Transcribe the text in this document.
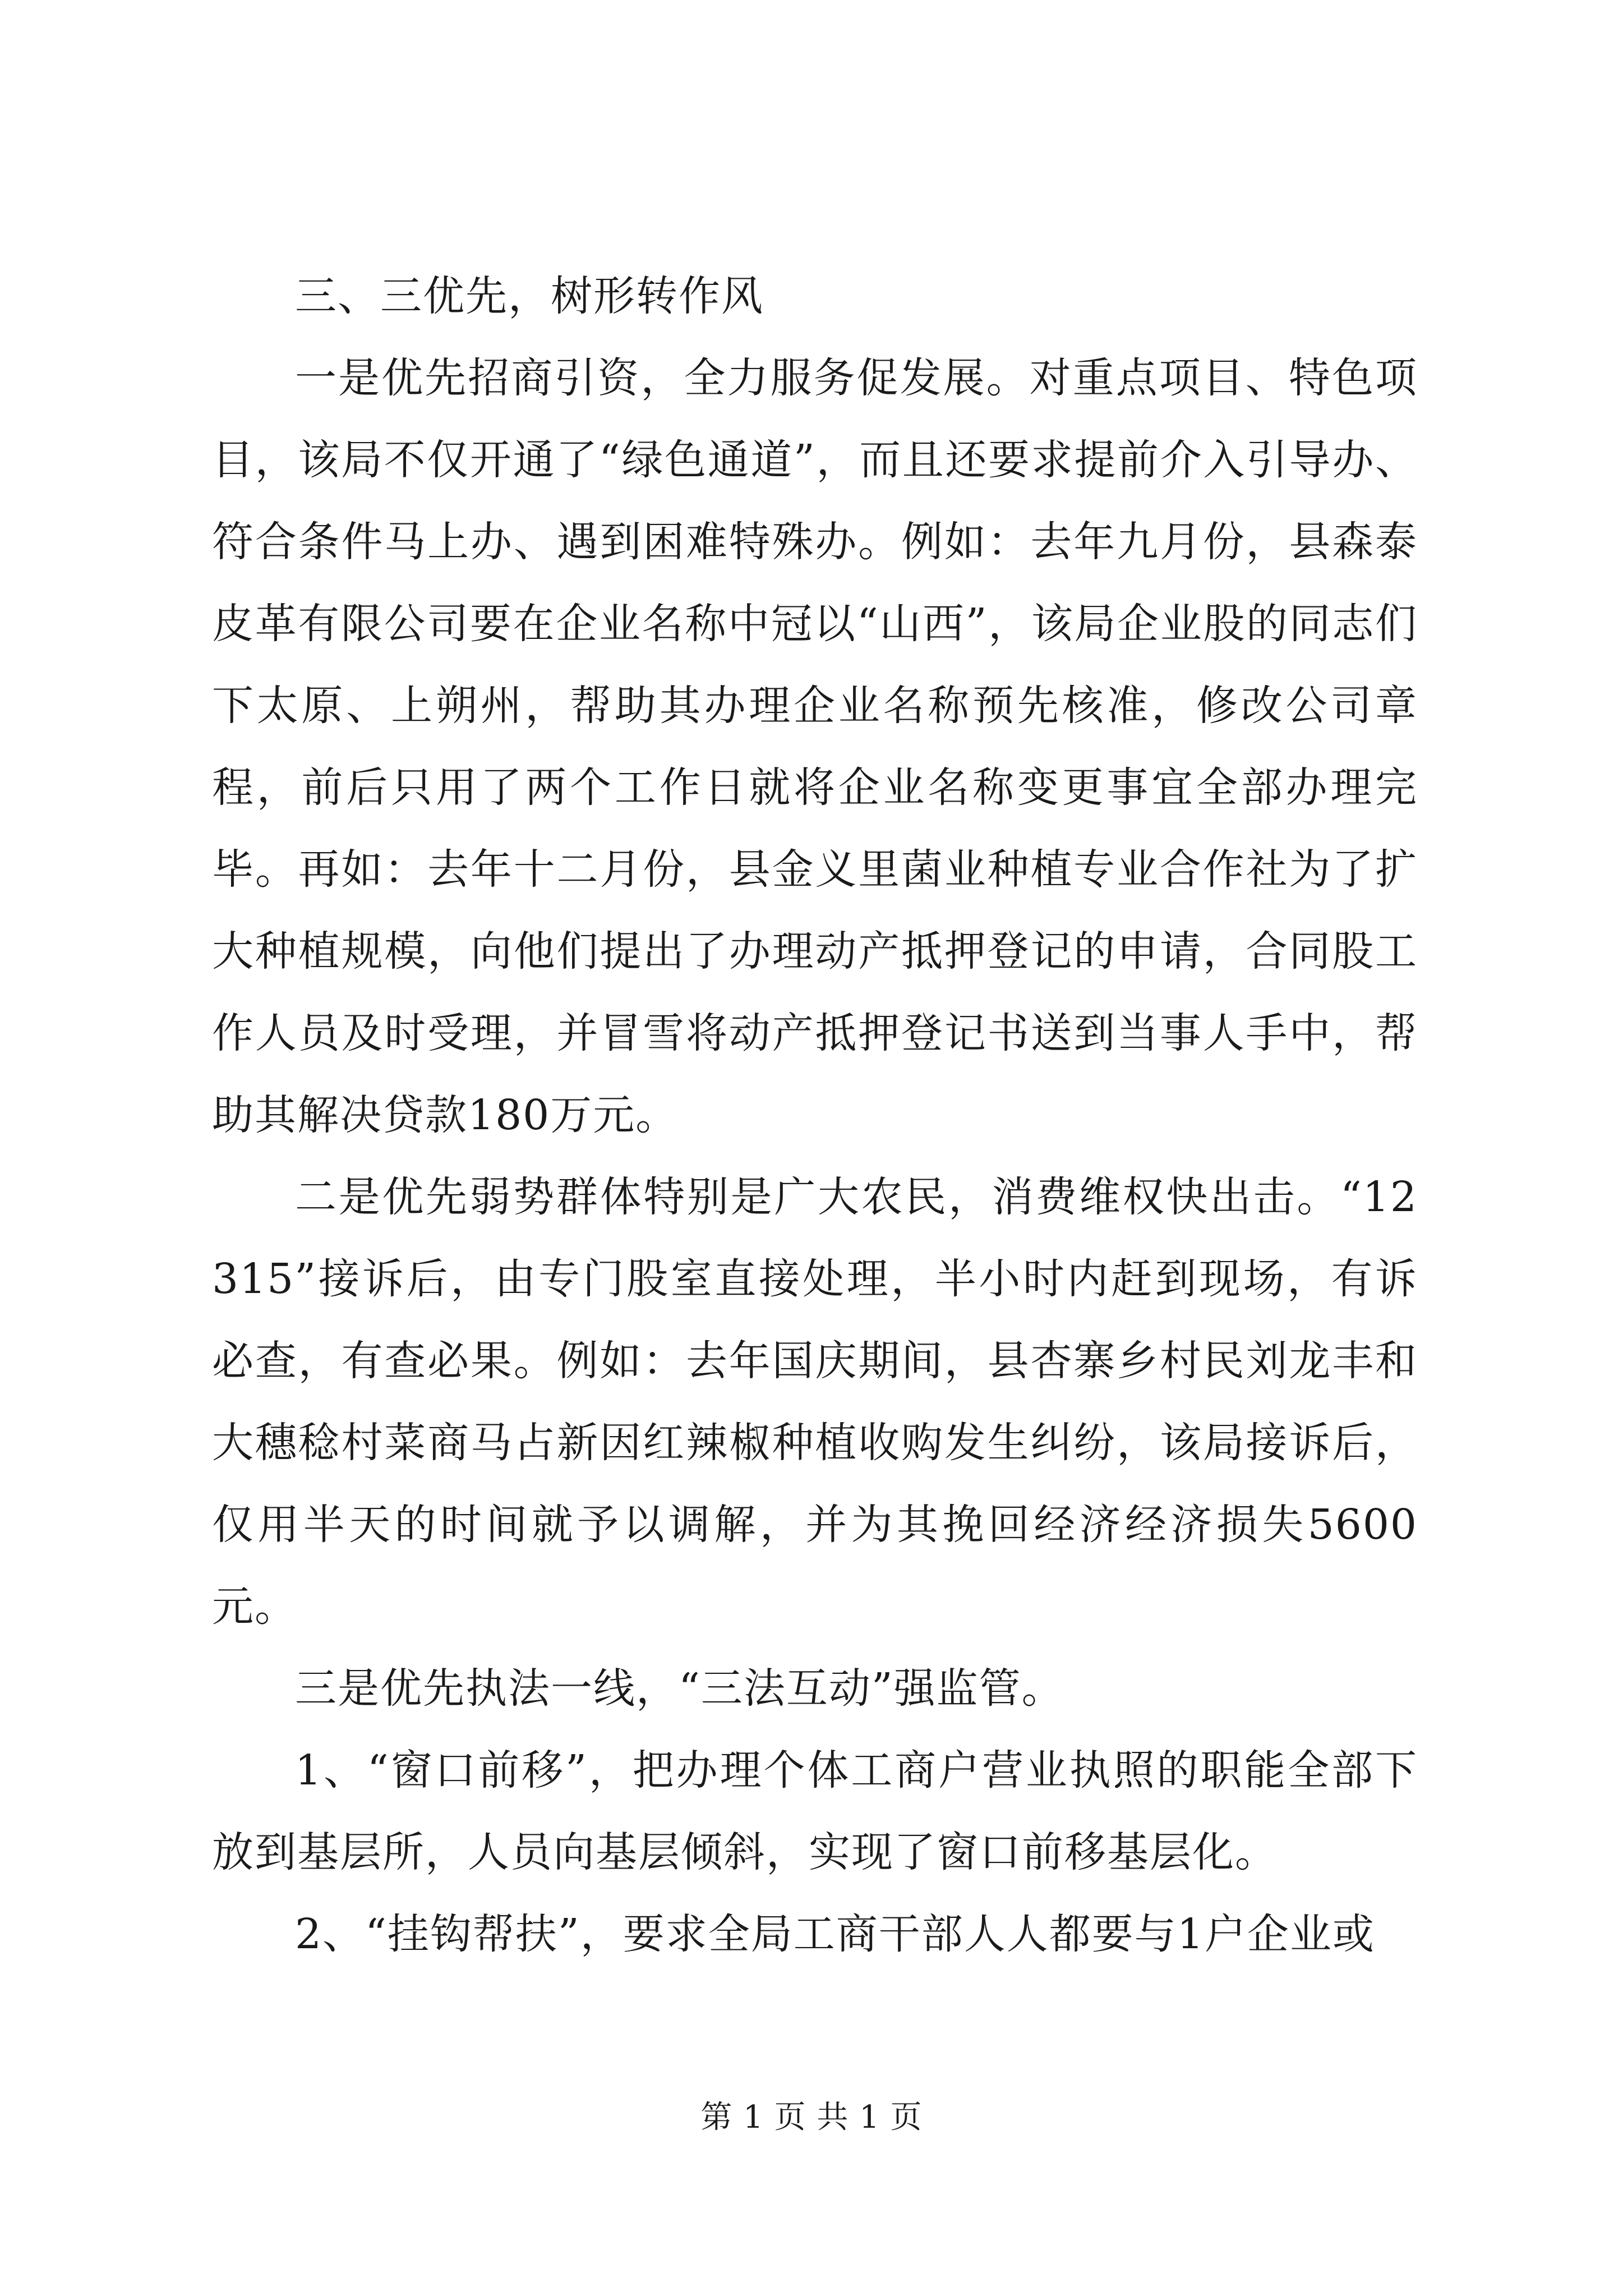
三、三优先，树形转作风

一是优先招商引资，全力服务促发展。对重点项目、特色项目，该局不仅开通了“绿色通道”，而且还要求提前介入引导办、符合条件马上办、遇到困难特殊办。例如：去年九月份，县森泰皮革有限公司要在企业名称中冠以“山西”，该局企业股的同志们下太原、上朔州，帮助其办理企业名称预先核准，修改公司章程，前后只用了两个工作日就将企业名称变更事宜全部办理完毕。再如：去年十二月份，县金义里菌业种植专业合作社为了扩大种植规模，向他们提出了办理动产抵押登记的申请，合同股工作人员及时受理，并冒雪将动产抵押登记书送到当事人手中，帮助其解决贷款180万元。

二是优先弱势群体特别是广大农民，消费维权快出击。“12315”接诉后，由专门股室直接处理，半小时内赶到现场，有诉必查，有查必果。例如：去年国庆期间，县杏寨乡村民刘龙丰和大穗稔村菜商马占新因红辣椒种植收购发生纠纷，该局接诉后，仅用半天的时间就予以调解，并为其挽回经济经济损失5600元。

三是优先执法一线，“三法互动”强监管。

1、“窗口前移”，把办理个体工商户营业执照的职能全部下放到基层所，人员向基层倾斜，实现了窗口前移基层化。

2、“挂钩帮扶”，要求全局工商干部人人都要与1户企业或

第 1 页 共 1 页
